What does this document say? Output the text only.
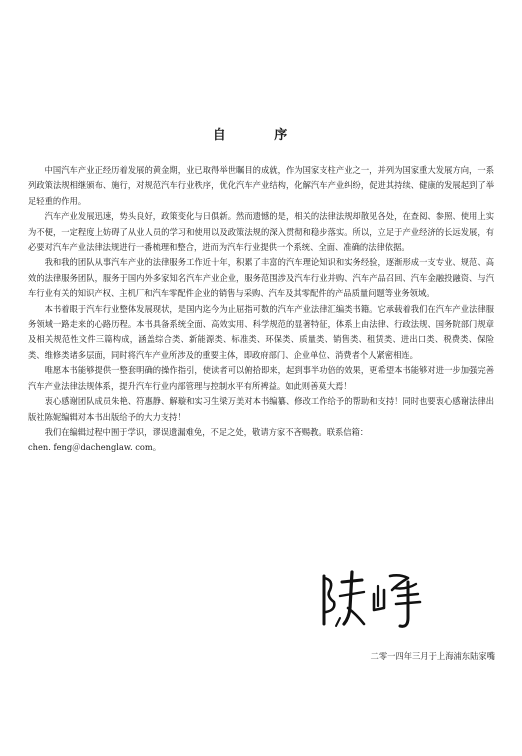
自 序

中国汽车产业正经历着发展的黄金期，业已取得举世瞩目的成就，作为国家支柱产业之一，并列为国家重大发展方向，一系列政策法规相继颁布、施行，对规范汽车行业秩序，优化汽车产业结构，化解汽车产业纠纷，促进其持续、健康的发展起到了举足轻重的作用。

汽车产业发展迅速，势头良好，政策变化与日俱新。然而遗憾的是，相关的法律法规却散见各处，在查阅、参照、使用上实为不便，一定程度上妨碍了从业人员的学习和使用以及政策法规的深入贯彻和稳步落实。所以，立足于产业经济的长远发展，有必要对汽车产业法律法规进行一番梳理和整合，进而为汽车行业提供一个系统、全面、准确的法律依据。

我和我的团队从事汽车产业的法律服务工作近十年，积累了丰富的汽车理论知识和实务经验，逐渐形成一支专业、规范、高效的法律服务团队，服务于国内外多家知名汽车产业企业，服务范围涉及汽车行业并购、汽车产品召回、汽车金融投融资、与汽车行业有关的知识产权、主机厂和汽车零配件企业的销售与采购、汽车及其零配件的产品质量问题等业务领域。

本书着眼于汽车行业整体发展现状，是国内迄今为止屈指可数的汽车产业法律汇编类书籍。它承载着我们在汽车产业法律服务领域一路走来的心路历程。本书具备系统全面、高效实用、科学规范的显著特征，体系上由法律、行政法规、国务院部门规章及相关规范性文件三篇构成，涵盖综合类、新能源类、标准类、环保类、质量类、销售类、租赁类、进出口类、税费类、保险类、维修类诸多层面，同时将汽车产业所涉及的重要主体，即政府部门、企业单位、消费者个人紧密相连。

唯愿本书能够提供一整套明确的操作指引，使读者可以俯拾即来，起到事半功倍的效果，更希望本书能够对进一步加强完善汽车产业法律法规体系，提升汽车行业内部管理与控制水平有所裨益。如此则善莫大焉！

衷心感谢团队成员朱艳、符惠静、解璇和实习生梁万美对本书编纂、修改工作给予的帮助和支持！同时也要衷心感谢法律出版社陈妮编辑对本书出版给予的大力支持！

我们在编辑过程中囿于学识，谬误遗漏难免，不足之处，敬请方家不吝赐教。联系信箱：

chen. feng＠dachenglaw. com。

二零一四年三月于上海浦东陆家嘴
